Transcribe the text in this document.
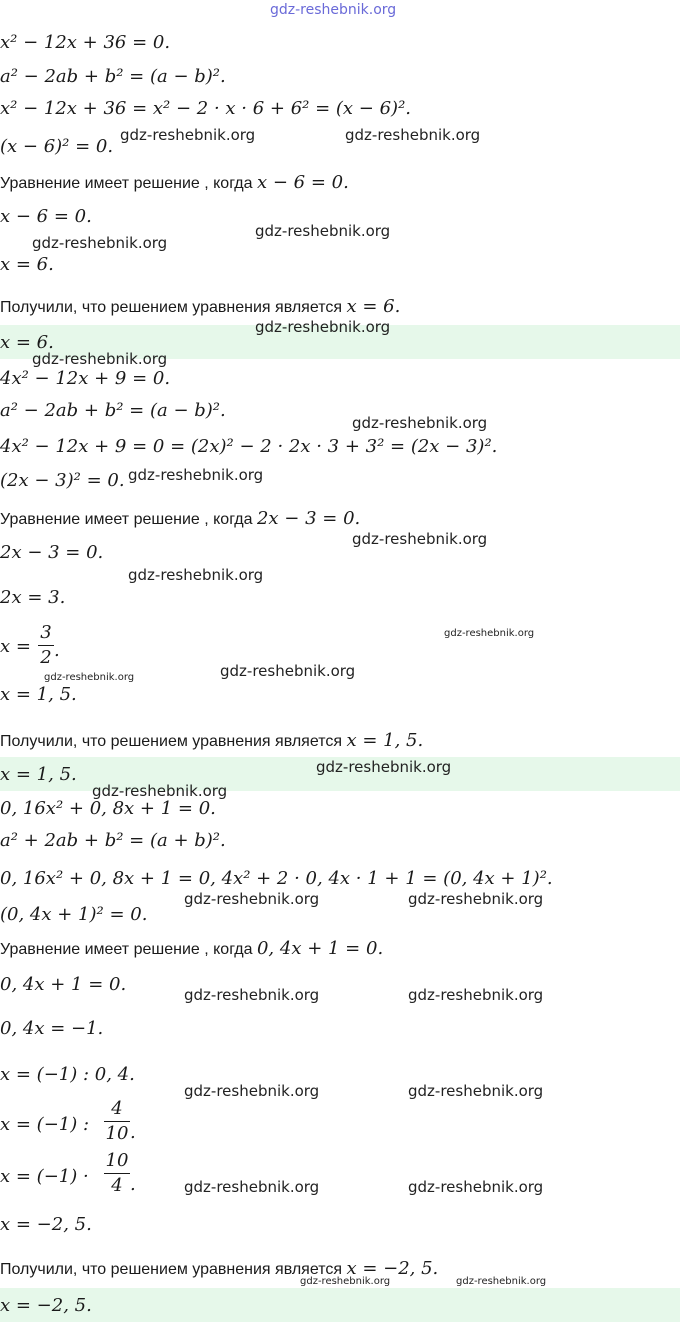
x² − 12x + 36 = 0.
a² − 2ab + b² = (a − b)².
x² − 12x + 36 = x² − 2 · x · 6 + 6² = (x − 6)².
(x − 6)² = 0.
Уравнение имеет решение , когда x − 6 = 0.
x − 6 = 0.
x = 6.
Получили, что решением уравнения является x = 6.
x = 6.
4x² − 12x + 9 = 0.
a² − 2ab + b² = (a − b)².
4x² − 12x + 9 = 0 = (2x)² − 2 · 2x · 3 + 3² = (2x − 3)².
(2x − 3)² = 0.
Уравнение имеет решение , когда 2x − 3 = 0.
2x − 3 = 0.
2x = 3.
x =
3
2 .
x = 1, 5.
Получили, что решением уравнения является x = 1, 5.
x = 1, 5.
0, 16x² + 0, 8x + 1 = 0.
a² + 2ab + b² = (a + b)².
0, 16x² + 0, 8x + 1 = 0, 4x² + 2 · 0, 4x · 1 + 1 = (0, 4x + 1)².
(0, 4x + 1)² = 0.
Уравнение имеет решение , когда 0, 4x + 1 = 0.
0, 4x + 1 = 0.
0, 4x = −1.
x = (−1) : 0, 4.
x = (−1) :
4
10 .
x = (−1) ·
10
4 .
x = −2, 5.
Получили, что решением уравнения является x = −2, 5.
x = −2, 5.
gdz-reshebnik.org
gdz-reshebnik.org	gdz-reshebnik.org
gdz-reshebnik.org
gdz-reshebnik.org
gdz-reshebnik.org
gdz-reshebnik.org
gdz-reshebnik.org
gdz-reshebnik.org
gdz-reshebnik.org
gdz-reshebnik.org
gdz-reshebnik.org
gdz-reshebnik.org
gdz-reshebnik.org
gdz-reshebnik.org
gdz-reshebnik.org
gdz-reshebnik.org	gdz-reshebnik.org
gdz-reshebnik.org	gdz-reshebnik.org
gdz-reshebnik.org	gdz-reshebnik.org
gdz-reshebnik.org	gdz-reshebnik.org
gdz-reshebnik.org	gdz-reshebnik.org
